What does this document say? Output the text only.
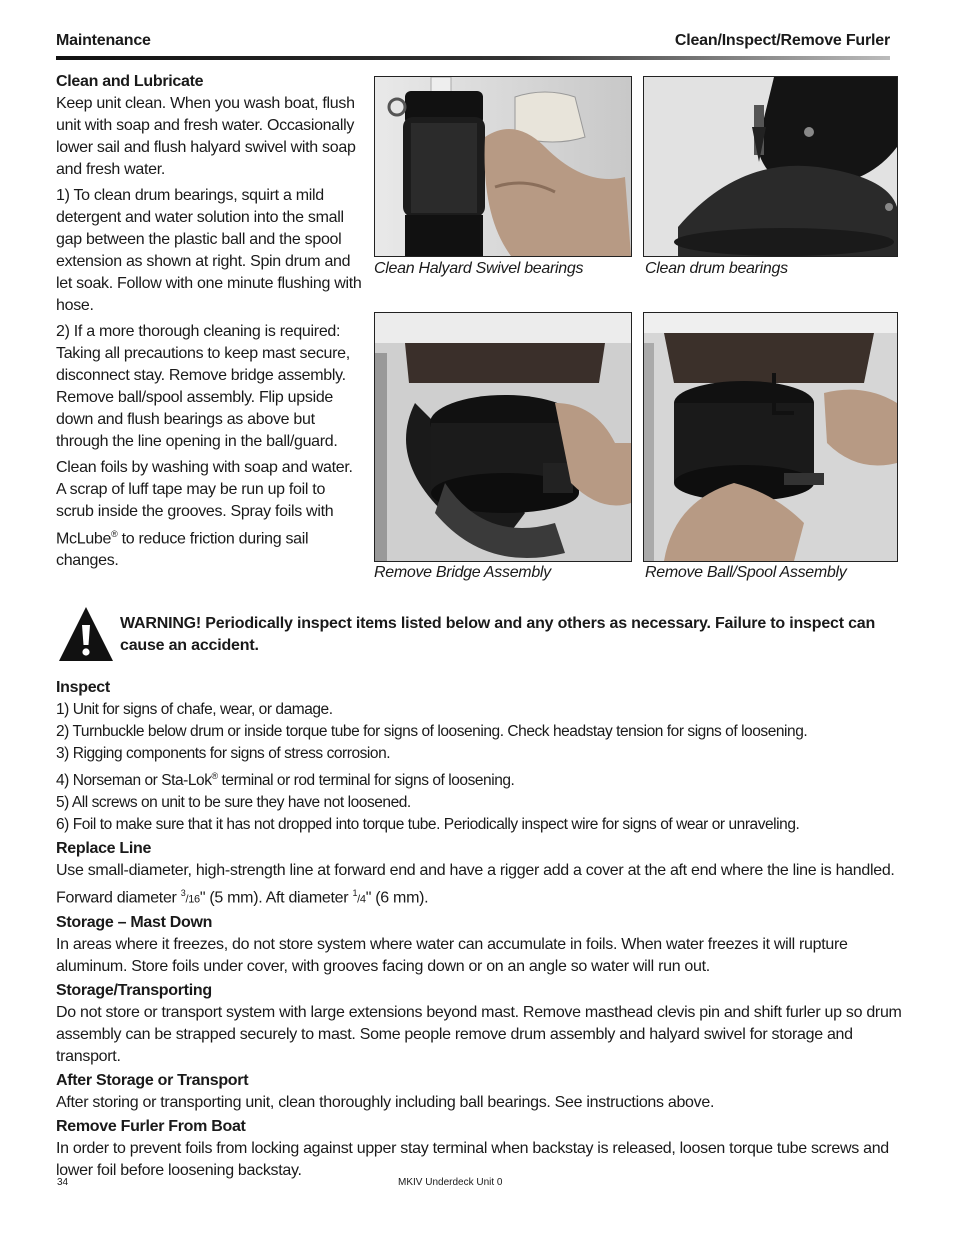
Maintenance	Clean/Inspect/Remove Furler
Clean and Lubricate

Keep unit clean. When you wash boat, flush unit with soap and fresh water. Occasionally lower sail and flush halyard swivel with soap and fresh water.

1) To clean drum bearings, squirt a mild detergent and water solution into the small gap between the plastic ball and the spool extension as shown at right. Spin drum and let soak. Follow with one minute flushing with hose.

2) If a more thorough cleaning is required: Taking all precautions to keep mast secure, disconnect stay. Remove bridge assembly. Remove ball/spool assembly. Flip upside down and flush bearings as above but through the line opening in the ball/guard.

Clean foils by washing with soap and water. A scrap of luff tape may be run up foil to scrub inside the grooves. Spray foils with McLube® to reduce friction during sail changes.

Clean Halyard Swivel bearings	Clean drum bearings
Remove Bridge Assembly	Remove Ball/Spool Assembly
WARNING! Periodically inspect items listed below and any others as necessary. Failure to inspect can cause an accident.
Inspect

1) Unit for signs of chafe, wear, or damage.

2) Turnbuckle below drum or inside torque tube for signs of loosening. Check headstay tension for signs of loosening.

3) Rigging components for signs of stress corrosion.

4) Norseman or Sta-Lok® terminal or rod terminal for signs of loosening.

5) All screws on unit to be sure they have not loosened.

6) Foil to make sure that it has not dropped into torque tube. Periodically inspect wire for signs of wear or unraveling.

Replace Line

Use small-diameter, high-strength line at forward end and have a rigger add a cover at the aft end where the line is handled. Forward diameter $^3$/16" (5 mm). Aft diameter $^1$/4" (6 mm).

Storage – Mast Down

In areas where it freezes, do not store system where water can accumulate in foils. When water freezes it will rupture aluminum. Store foils under cover, with grooves facing down or on an angle so water will run out.

Storage/Transporting

Do not store or transport system with large extensions beyond mast. Remove masthead clevis pin and shift furler up so drum assembly can be strapped securely to mast. Some people remove drum assembly and halyard swivel for storage and transport.

After Storage or Transport

After storing or transporting unit, clean thoroughly including ball bearings. See instructions above.

Remove Furler From Boat

In order to prevent foils from locking against upper stay terminal when backstay is released, loosen torque tube screws and lower foil before loosening backstay.

34	MKIV Underdeck Unit 0
